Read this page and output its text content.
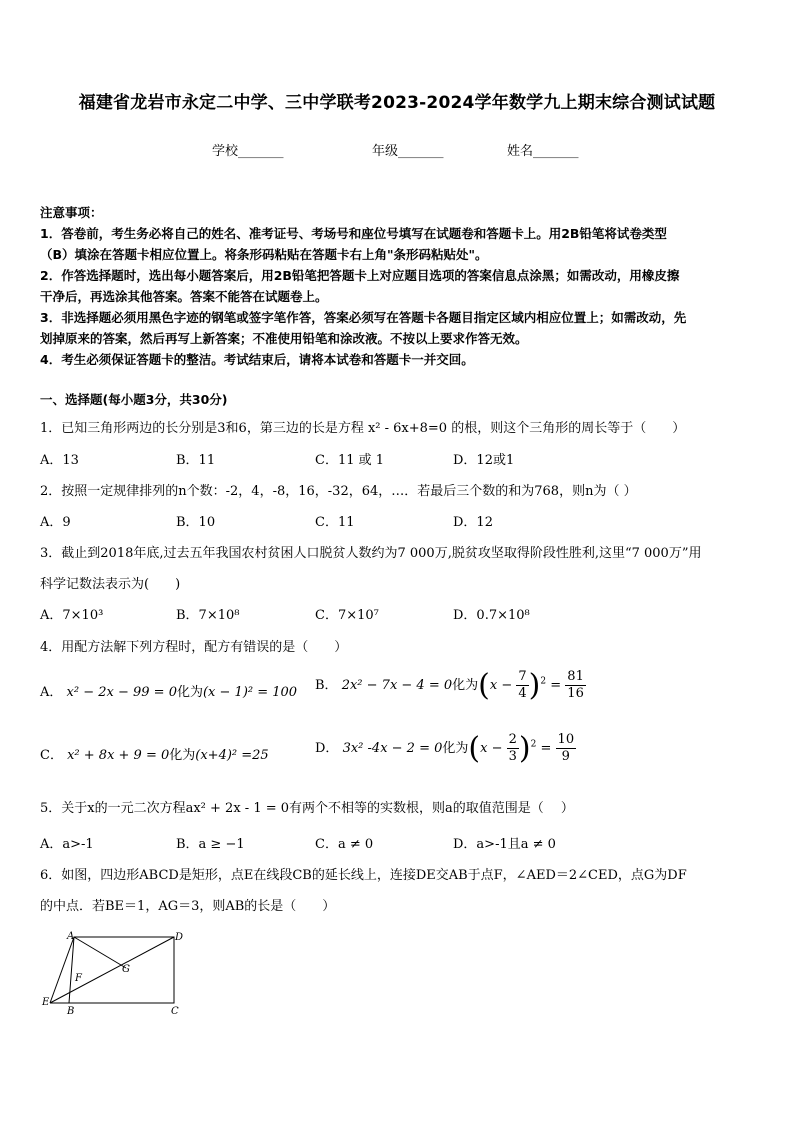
福建省龙岩市永定二中学、三中学联考2023-2024学年数学九上期末综合测试试题
学校_______	年级_______	姓名_______
注意事项：
1．答卷前，考生务必将自己的姓名、准考证号、考场号和座位号填写在试题卷和答题卡上。用2B铅笔将试卷类型
（B）填涂在答题卡相应位置上。将条形码粘贴在答题卡右上角"条形码粘贴处"。
2．作答选择题时，选出每小题答案后，用2B铅笔把答题卡上对应题目选项的答案信息点涂黑；如需改动，用橡皮擦
干净后，再选涂其他答案。答案不能答在试题卷上。
3．非选择题必须用黑色字迹的钢笔或签字笔作答，答案必须写在答题卡各题目指定区域内相应位置上；如需改动，先
划掉原来的答案，然后再写上新答案；不准使用铅笔和涂改液。不按以上要求作答无效。
4．考生必须保证答题卡的整洁。考试结束后，请将本试卷和答题卡一并交回。
一、选择题(每小题3分，共30分)
1．已知三角形两边的长分别是3和6，第三边的长是方程 x² - 6x+8=0 的根，则这个三角形的周长等于（　　）
A．13	B．11	C．11 或 1	D．12或1
2．按照一定规律排列的n个数：-2，4，-8，16，-32，64，…．若最后三个数的和为768，则n为（ ）
A．9	B．10	C．11	D．12
3．截止到2018年底,过去五年我国农村贫困人口脱贫人数约为7 000万,脱贫攻坚取得阶段性胜利,这里“7 000万”用
科学记数法表示为(　　)
A．7×10³	B．7×10⁸	C．7×10⁷	D．0.7×10⁸
4．用配方法解下列方程时，配方有错误的是（　　）
A． x² − 2x − 99 = 0化为(x − 1)² = 100 B． 2x² − 7x − 4 = 0化为$(x - \frac{7}{4} )^2 = \frac{81}{16}$
C． x² + 8x + 9 = 0化为(x+4)² =25	D． 3x² -4x − 2 = 0化为$(x - \frac{2}{3} )^2 = \frac{10}{9}$
5．关于x的一元二次方程ax² + 2x - 1 = 0有两个不相等的实数根，则a的取值范围是（　 ）
A．a>-1	B．a ≥ −1	C．a ≠ 0	D．a>-1且a ≠ 0
6．如图，四边形ABCD是矩形，点E在线段CB的延长线上，连接DE交AB于点F，∠AED＝2∠CED，点G为DF
的中点．若BE＝1，AG＝3，则AB的长是（　　）
A	D
F
G
E
B	C
